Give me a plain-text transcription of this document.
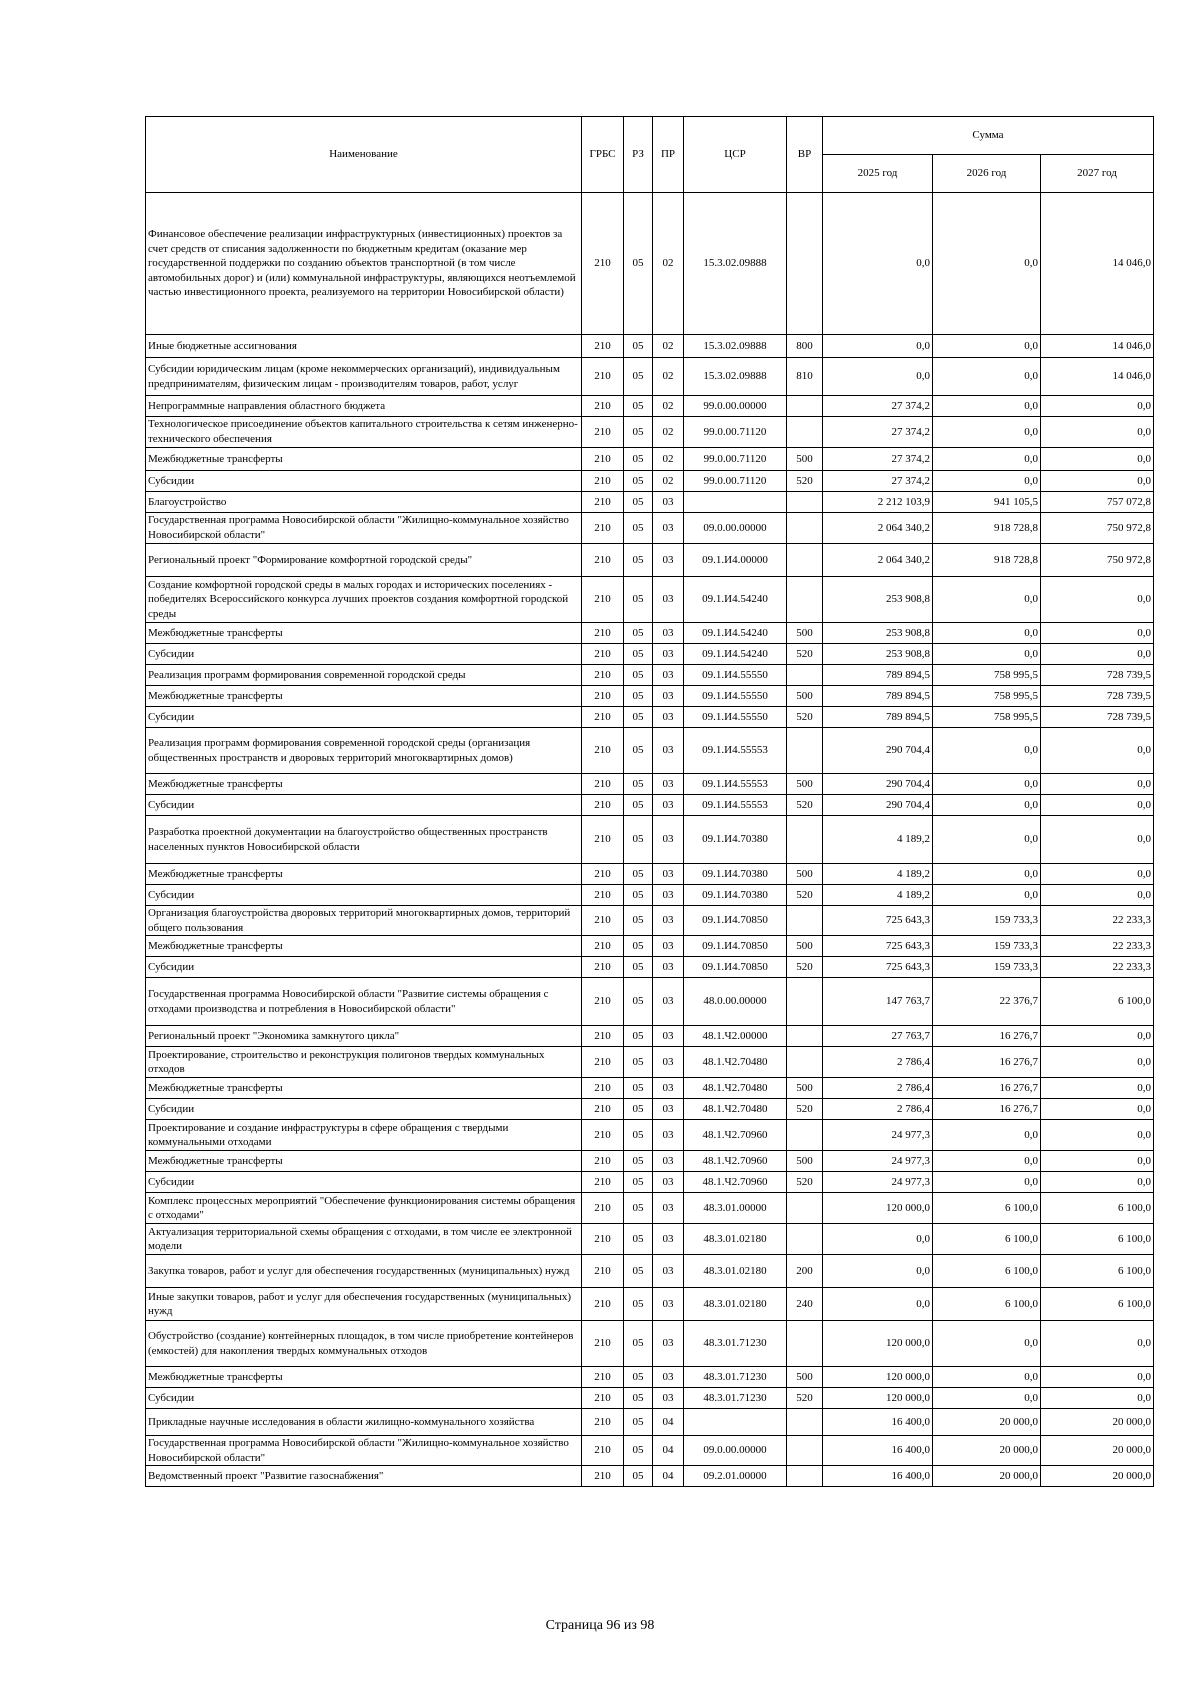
Наименование	ГРБС	РЗ	ПР	ЦСР	ВР	Сумма		
						2025 год	2026 год	2027 год
Финансовое обеспечение реализации инфраструктурных (инвестиционных) проектов за счет средств от списания задолженности по бюджетным кредитам (оказание мер государственной поддержки по созданию объектов транспортной (в том числе автомобильных дорог) и (или) коммунальной инфраструктуры, являющихся неотъемлемой частью инвестиционного проекта, реализуемого на территории Новосибирской области)	210	05	02	15.3.02.09888		0,0	0,0	14 046,0
Иные бюджетные ассигнования	210	05	02	15.3.02.09888	800	0,0	0,0	14 046,0
Субсидии юридическим лицам (кроме некоммерческих организаций), индивидуальным предпринимателям, физическим лицам - производителям товаров, работ, услуг	210	05	02	15.3.02.09888	810	0,0	0,0	14 046,0
Непрограммные направления областного бюджета	210	05	02	99.0.00.00000		27 374,2	0,0	0,0
Технологическое присоединение объектов капитального строительства к сетям инженерно-технического обеспечения	210	05	02	99.0.00.71120		27 374,2	0,0	0,0
Межбюджетные трансферты	210	05	02	99.0.00.71120	500	27 374,2	0,0	0,0
Субсидии	210	05	02	99.0.00.71120	520	27 374,2	0,0	0,0
Благоустройство	210	05	03			2 212 103,9	941 105,5	757 072,8
Государственная программа Новосибирской области "Жилищно-коммунальное хозяйство Новосибирской области"	210	05	03	09.0.00.00000		2 064 340,2	918 728,8	750 972,8
Региональный проект "Формирование комфортной городской среды"	210	05	03	09.1.И4.00000		2 064 340,2	918 728,8	750 972,8
Создание комфортной городской среды в малых городах и исторических поселениях - победителях Всероссийского конкурса лучших проектов создания комфортной городской среды	210	05	03	09.1.И4.54240		253 908,8	0,0	0,0
Межбюджетные трансферты	210	05	03	09.1.И4.54240	500	253 908,8	0,0	0,0
Субсидии	210	05	03	09.1.И4.54240	520	253 908,8	0,0	0,0
Реализация программ формирования современной городской среды	210	05	03	09.1.И4.55550		789 894,5	758 995,5	728 739,5
Межбюджетные трансферты	210	05	03	09.1.И4.55550	500	789 894,5	758 995,5	728 739,5
Субсидии	210	05	03	09.1.И4.55550	520	789 894,5	758 995,5	728 739,5
Реализация программ формирования современной городской среды (организация общественных пространств и дворовых территорий многоквартирных домов)	210	05	03	09.1.И4.55553		290 704,4	0,0	0,0
Межбюджетные трансферты	210	05	03	09.1.И4.55553	500	290 704,4	0,0	0,0
Субсидии	210	05	03	09.1.И4.55553	520	290 704,4	0,0	0,0
Разработка проектной документации на благоустройство общественных пространств населенных пунктов Новосибирской области	210	05	03	09.1.И4.70380		4 189,2	0,0	0,0
Межбюджетные трансферты	210	05	03	09.1.И4.70380	500	4 189,2	0,0	0,0
Субсидии	210	05	03	09.1.И4.70380	520	4 189,2	0,0	0,0
Организация благоустройства дворовых территорий многоквартирных домов, территорий общего пользования	210	05	03	09.1.И4.70850		725 643,3	159 733,3	22 233,3
Межбюджетные трансферты	210	05	03	09.1.И4.70850	500	725 643,3	159 733,3	22 233,3
Субсидии	210	05	03	09.1.И4.70850	520	725 643,3	159 733,3	22 233,3
Государственная программа Новосибирской области "Развитие системы обращения с отходами производства и потребления в Новосибирской области"	210	05	03	48.0.00.00000		147 763,7	22 376,7	6 100,0
Региональный проект "Экономика замкнутого цикла"	210	05	03	48.1.Ч2.00000		27 763,7	16 276,7	0,0
Проектирование, строительство и реконструкция полигонов твердых коммунальных отходов	210	05	03	48.1.Ч2.70480		2 786,4	16 276,7	0,0
Межбюджетные трансферты	210	05	03	48.1.Ч2.70480	500	2 786,4	16 276,7	0,0
Субсидии	210	05	03	48.1.Ч2.70480	520	2 786,4	16 276,7	0,0
Проектирование и создание инфраструктуры в сфере обращения с твердыми коммунальными отходами	210	05	03	48.1.Ч2.70960		24 977,3	0,0	0,0
Межбюджетные трансферты	210	05	03	48.1.Ч2.70960	500	24 977,3	0,0	0,0
Субсидии	210	05	03	48.1.Ч2.70960	520	24 977,3	0,0	0,0
Комплекс процессных мероприятий "Обеспечение функционирования системы обращения с отходами"	210	05	03	48.3.01.00000		120 000,0	6 100,0	6 100,0
Актуализация территориальной схемы обращения с отходами, в том числе ее электронной модели	210	05	03	48.3.01.02180		0,0	6 100,0	6 100,0
Закупка товаров, работ и услуг для обеспечения государственных (муниципальных) нужд	210	05	03	48.3.01.02180	200	0,0	6 100,0	6 100,0
Иные закупки товаров, работ и услуг для обеспечения государственных (муниципальных) нужд	210	05	03	48.3.01.02180	240	0,0	6 100,0	6 100,0
Обустройство (создание) контейнерных площадок, в том числе приобретение контейнеров (емкостей) для накопления твердых коммунальных отходов	210	05	03	48.3.01.71230		120 000,0	0,0	0,0
Межбюджетные трансферты	210	05	03	48.3.01.71230	500	120 000,0	0,0	0,0
Субсидии	210	05	03	48.3.01.71230	520	120 000,0	0,0	0,0
Прикладные научные исследования в области жилищно-коммунального хозяйства	210	05	04			16 400,0	20 000,0	20 000,0
Государственная программа Новосибирской области "Жилищно-коммунальное хозяйство Новосибирской области"	210	05	04	09.0.00.00000		16 400,0	20 000,0	20 000,0
Ведомственный проект "Развитие газоснабжения"	210	05	04	09.2.01.00000		16 400,0	20 000,0	20 000,0
Страница 96 из 98
